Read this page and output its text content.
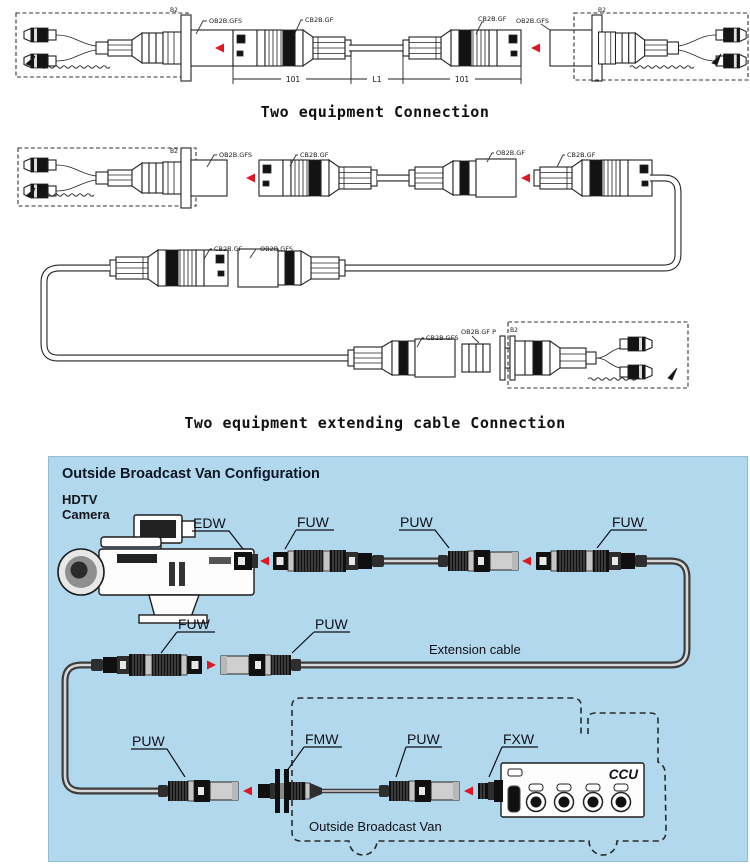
B2
OB2B.GFS	CB2B.GF	CB2B.GF OB2B.GFS
B2
101	L1	101
Two equipment Connection
B2	OB2B.GFS	CB2B.GF	OB2B.GF	CB2B.GF
CB2B.GF	OB2B.GFS
CB2B.GFS
OB2B.GF P B2
Two equipment extending cable Connection
Outside Broadcast Van Configuration
HDTV
Camera
Outside Broadcast Van
EDW	FUW	PUW	FUW
FUW	PUW
Extension cable
PUW	FMW	PUW
CCU
FXW
